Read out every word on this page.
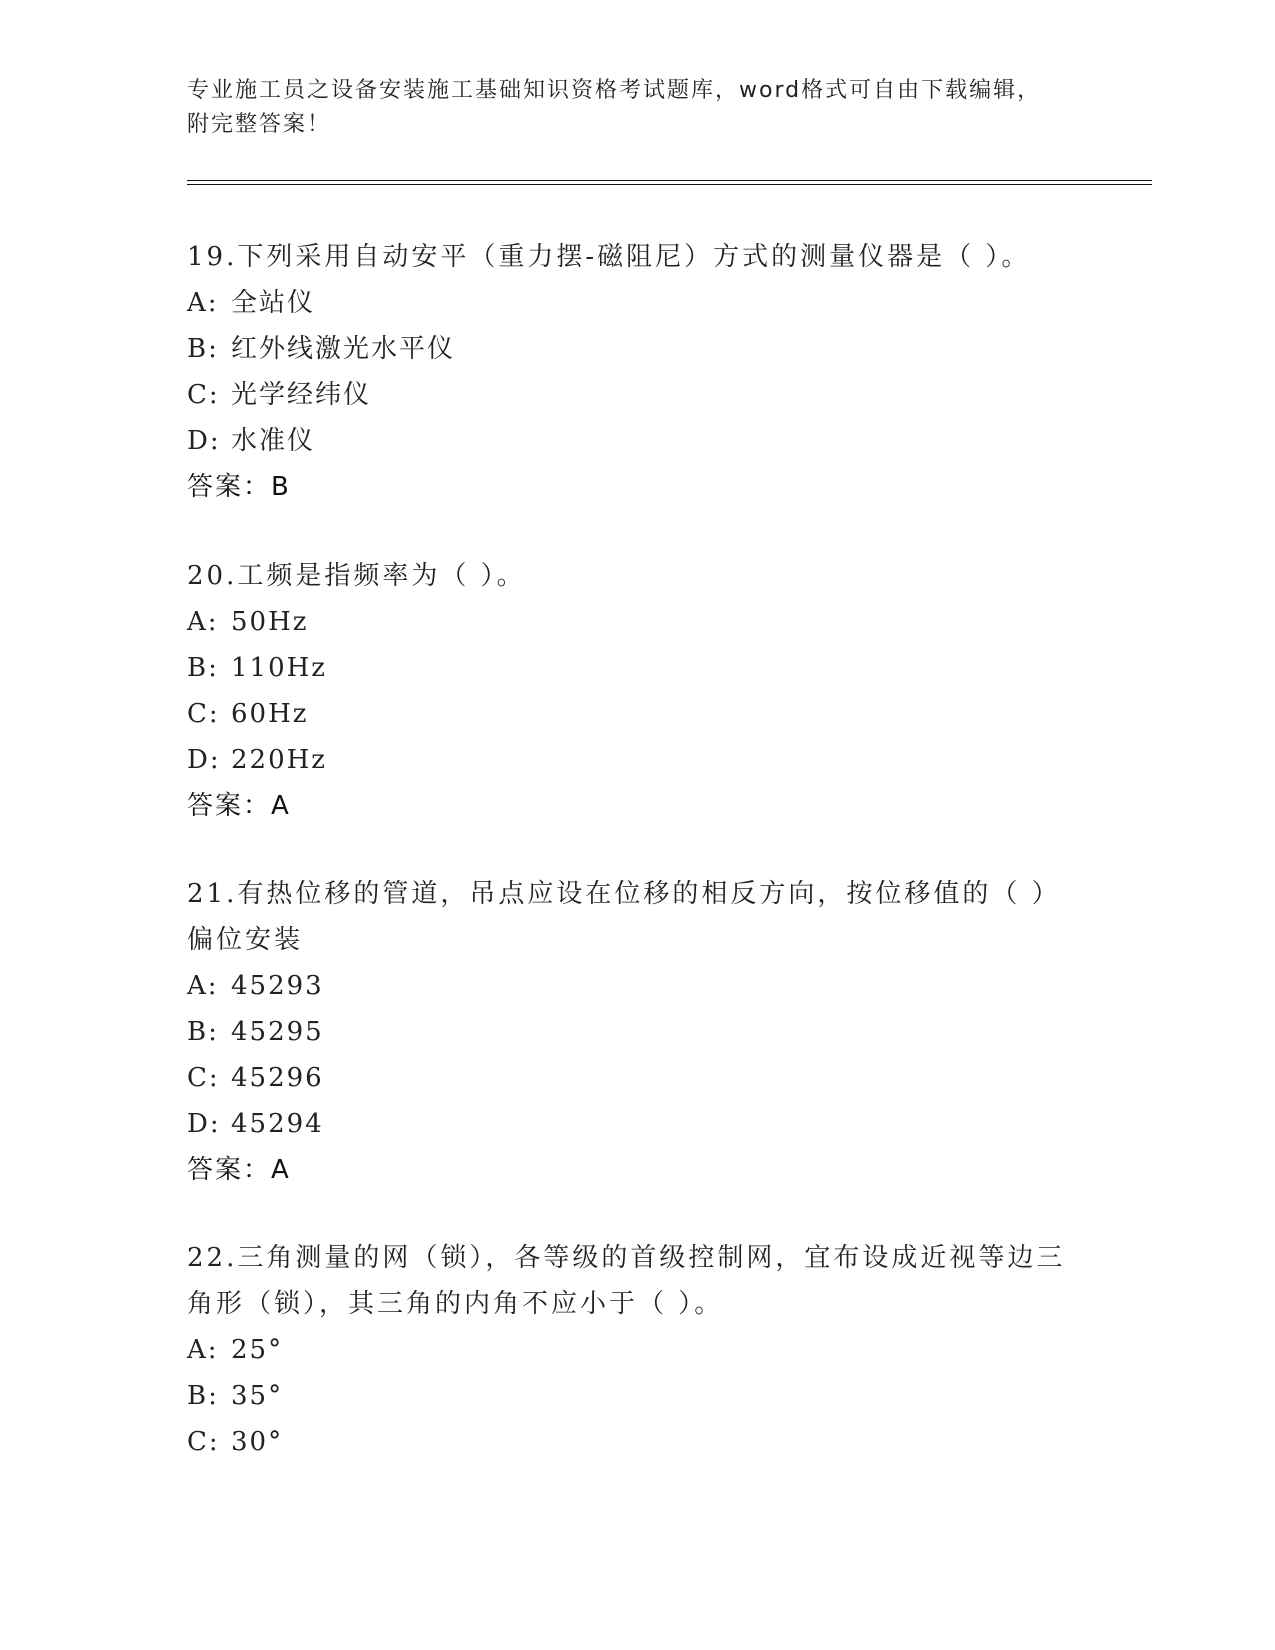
专业施工员之设备安装施工基础知识资格考试题库，word格式可自由下载编辑，
附完整答案！

19.下列采用自动安平（重力摆-磁阻尼）方式的测量仪器是（ ）。

A: 全站仪
B: 红外线激光水平仪
C: 光学经纬仪
D: 水准仪

答案：B

20.工频是指频率为（ ）。

A: 50Hz
B: 110Hz
C: 60Hz
D: 220Hz

答案：A

21.有热位移的管道，吊点应设在位移的相反方向，按位移值的（ ）

偏位安装

A: 45293
B: 45295
C: 45296
D: 45294

答案：A

22.三角测量的网（锁），各等级的首级控制网，宜布设成近视等边三

角形（锁），其三角的内角不应小于（ ）。

A: 25°
B: 35°
C: 30°
